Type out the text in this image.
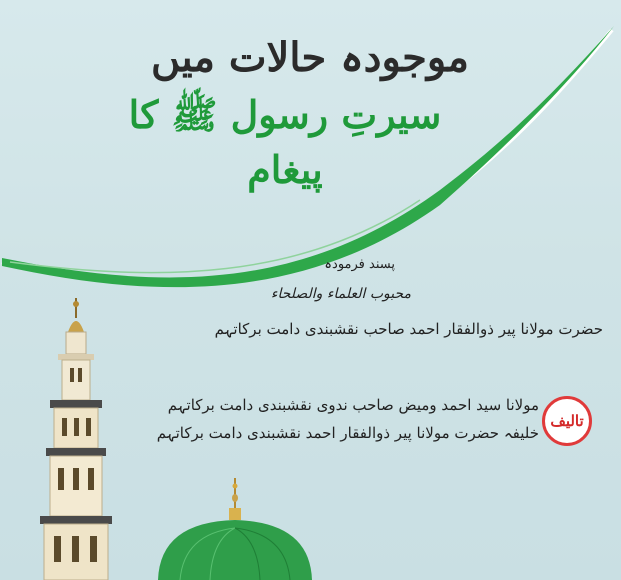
موجودہ حالات میں
سیرتِ رسول ﷺ کا پیغام
پسند فرمودہ
محبوب العلماء والصلحاء
حضرت مولانا پیر ذوالفقار احمد صاحب نقشبندی دامت برکاتہم
تالیف
مولانا سید احمد ومیض صاحب ندوی نقشبندی دامت برکاتہم
خلیفہ حضرت مولانا پیر ذوالفقار احمد نقشبندی دامت برکاتہم
